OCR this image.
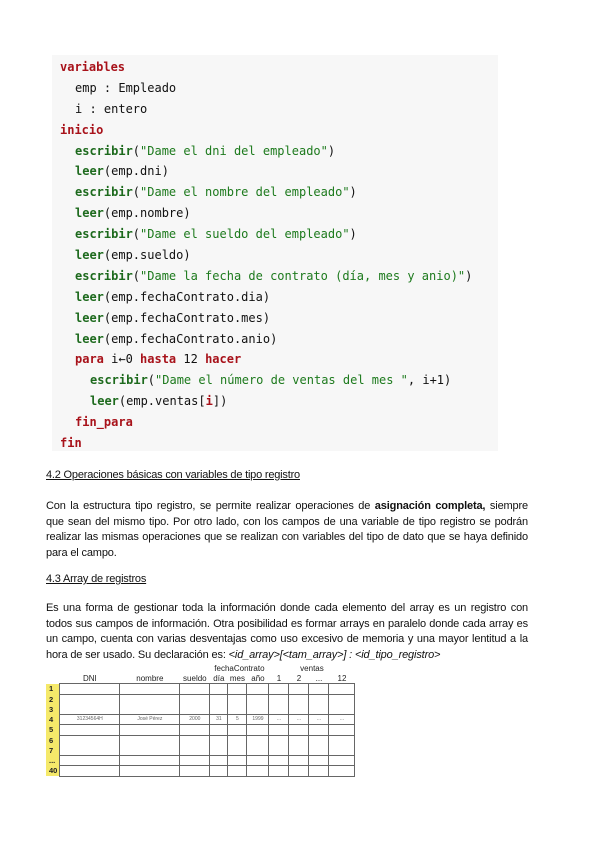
variables
emp : Empleado
i : entero
inicio
escribir("Dame el dni del empleado")
leer(emp.dni)
escribir("Dame el nombre del empleado")
leer(emp.nombre)
escribir("Dame el sueldo del empleado")
leer(emp.sueldo)
escribir("Dame la fecha de contrato (día, mes y anio)")
leer(emp.fechaContrato.dia)
leer(emp.fechaContrato.mes)
leer(emp.fechaContrato.anio)
para i←0 hasta 12 hacer
escribir("Dame el número de ventas del mes ", i+1)
leer(emp.ventas[i])
fin_para
fin
4.2 Operaciones básicas con variables de tipo registro
Con la estructura tipo registro, se permite realizar operaciones de asignación completa, siempre que sean del mismo tipo. Por otro lado, con los campos de una variable de tipo registro se podrán realizar las mismas operaciones que se realizan con variables del tipo de dato que se haya definido para el campo.
4.3 Array de registros
Es una forma de gestionar toda la información donde cada elemento del array es un registro con todos sus campos de información. Otra posibilidad es formar arrays en paralelo donde cada array es un campo, cuenta con varias desventajas como uso excesivo de memoria y una mayor lentitud a la hora de ser usado. Su declaración es: <id_array>[<tam_array>] : <id_tipo_registro>
				fechaContrato			ventas			
	DNI	nombre	sueldo	día	mes	año	1	2	...	12
1										
2										
3										
4	31234564H	José Pérez	2000	31	5	1999	...	...	...	...
5										
6										
7										
...										
40										
